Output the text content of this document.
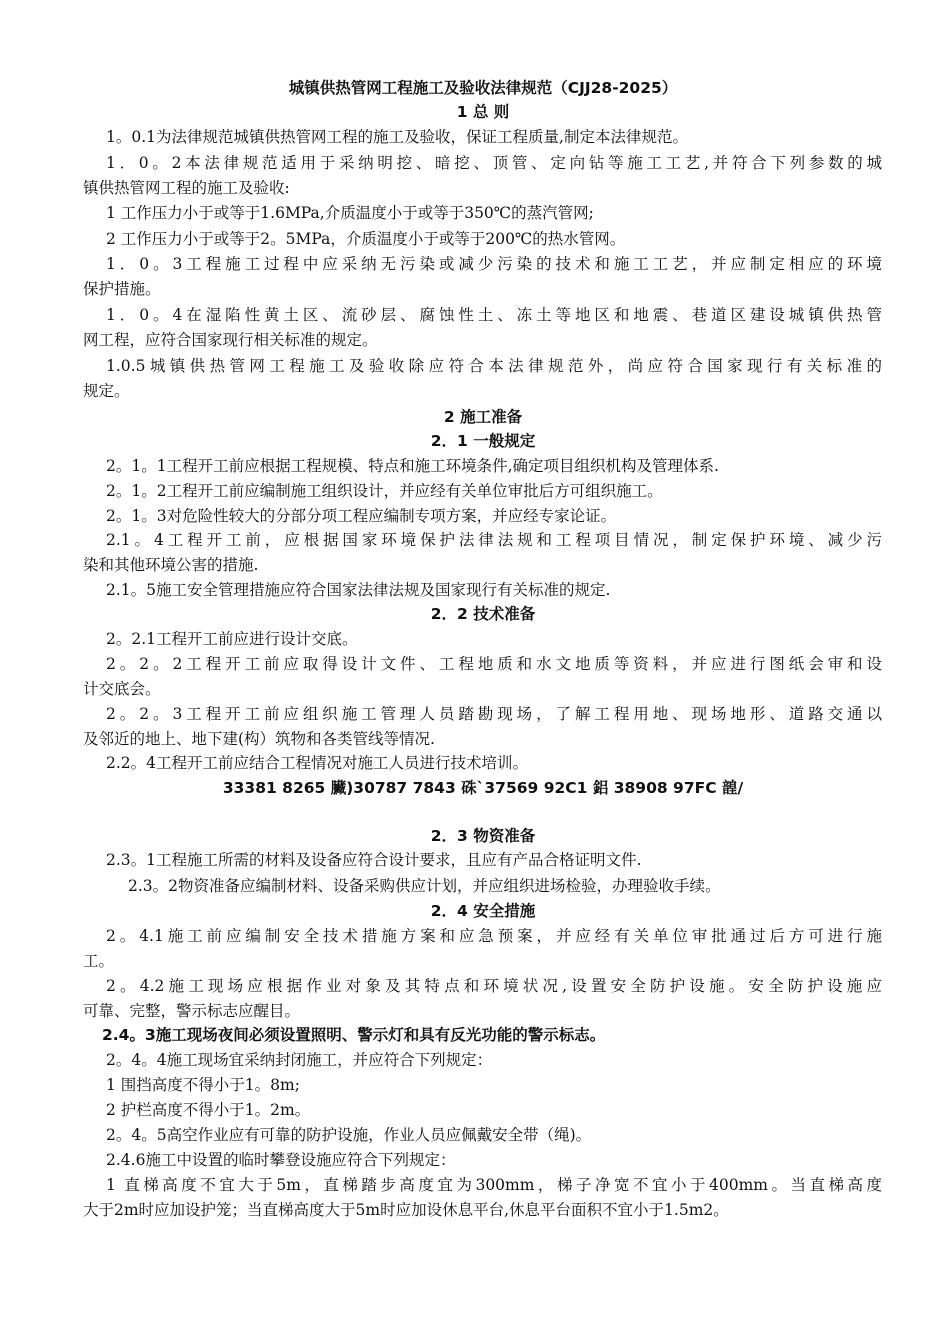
城镇供热管网工程施工及验收法律规范（CJJ28-2025）
1 总 则
1。0.1为法律规范城镇供热管网工程的施工及验收，保证工程质量,制定本法律规范。
1．0。2本法律规范适用于采纳明挖、暗挖、顶管、定向钻等施工工艺,并符合下列参数的城
镇供热管网工程的施工及验收:
1 工作压力小于或等于1.6MPa,介质温度小于或等于350℃的蒸汽管网;
2 工作压力小于或等于2。5MPa，介质温度小于或等于200℃的热水管网。
1．0。3工程施工过程中应采纳无污染或减少污染的技术和施工工艺，并应制定相应的环境
保护措施。
1．0。4在湿陷性黄土区、流砂层、腐蚀性土、冻土等地区和地震、巷道区建设城镇供热管
网工程，应符合国家现行相关标准的规定。
1.0.5城镇供热管网工程施工及验收除应符合本法律规范外，尚应符合国家现行有关标准的
规定。
2 施工准备
2．1 一般规定
2。1。1工程开工前应根据工程规模、特点和施工环境条件,确定项目组织机构及管理体系.
2。1。2工程开工前应编制施工组织设计，并应经有关单位审批后方可组织施工。
2。1。3对危险性较大的分部分项工程应编制专项方案，并应经专家论证。
2.1。4工程开工前，应根据国家环境保护法律法规和工程项目情况，制定保护环境、减少污
染和其他环境公害的措施.
2.1。5施工安全管理措施应符合国家法律法规及国家现行有关标准的规定.
2．2 技术准备
2。2.1工程开工前应进行设计交底。
2。2。2工程开工前应取得设计文件、工程地质和水文地质等资料，并应进行图纸会审和设
计交底会。
2。2。3工程开工前应组织施工管理人员踏勘现场，了解工程用地、现场地形、道路交通以
及邻近的地上、地下建(构）筑物和各类管线等情况.
2.2。4工程开工前应结合工程情况对施工人员进行技术培训。
33381 8265 臟)30787 7843 硃`37569 92C1 鋁 38908 97FC 韹/
2．3 物资准备
2.3。1工程施工所需的材料及设备应符合设计要求，且应有产品合格证明文件.
2.3。2物资准备应编制材料、设备采购供应计划，并应组织进场检验，办理验收手续。
2．4 安全措施
2。4.1施工前应编制安全技术措施方案和应急预案，并应经有关单位审批通过后方可进行施
工。
2。4.2施工现场应根据作业对象及其特点和环境状况,设置安全防护设施。安全防护设施应
可靠、完整，警示标志应醒目。
2.4。3施工现场夜间必须设置照明、警示灯和具有反光功能的警示标志。
2。4。4施工现场宜采纳封闭施工，并应符合下列规定：
1 围挡高度不得小于1。8m;
2 护栏高度不得小于1。2m。
2。4。5高空作业应有可靠的防护设施，作业人员应佩戴安全带（绳)。
2.4.6施工中设置的临时攀登设施应符合下列规定：
1 直梯高度不宜大于5m，直梯踏步高度宜为300mm，梯子净宽不宜小于400mm。当直梯高度
大于2m时应加设护笼；当直梯高度大于5m时应加设休息平台,休息平台面积不宜小于1.5m2。
